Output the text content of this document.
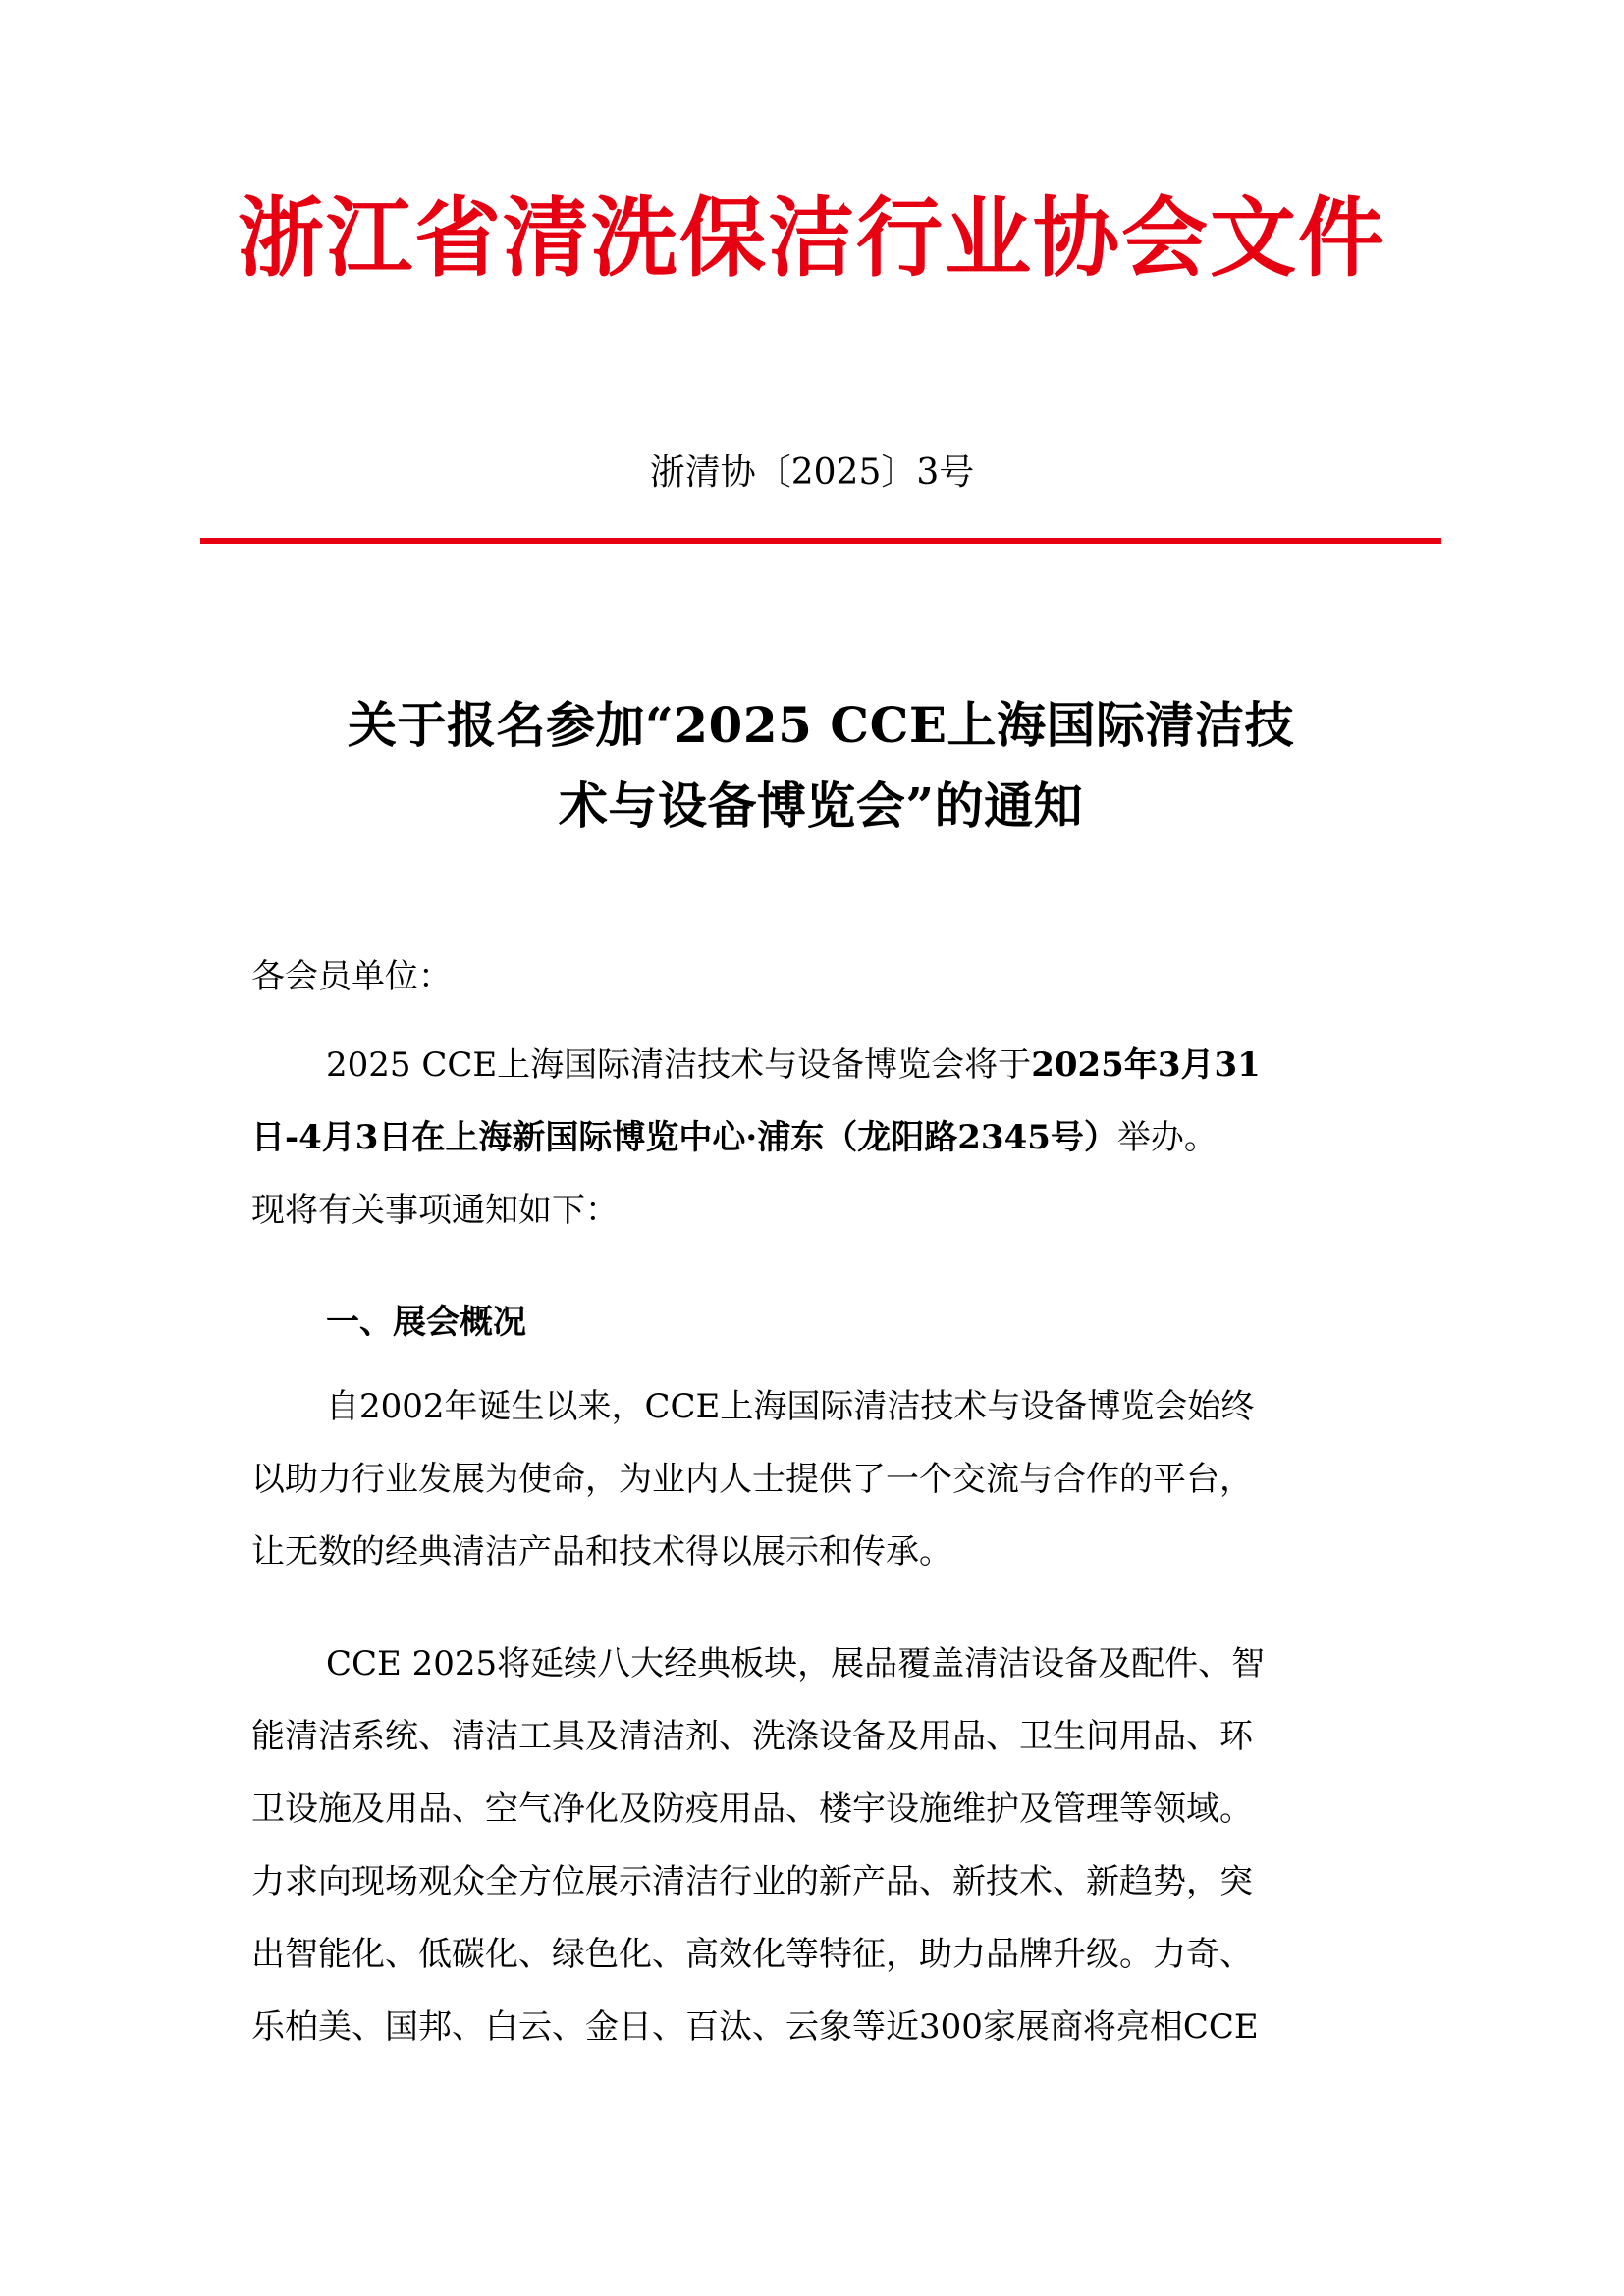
浙江省清洗保洁行业协会文件
浙清协〔2025〕3号
关于报名参加“2025 CCE上海国际清洁技
术与设备博览会”的通知

各会员单位：

2025 CCE上海国际清洁技术与设备博览会将于2025年3月31
日-4月3日在上海新国际博览中心·浦东（龙阳路2345号）举办。
现将有关事项通知如下：
一、展会概况
自2002年诞生以来，CCE上海国际清洁技术与设备博览会始终
以助力行业发展为使命，为业内人士提供了一个交流与合作的平台，
让无数的经典清洁产品和技术得以展示和传承。
CCE 2025将延续八大经典板块，展品覆盖清洁设备及配件、智
能清洁系统、清洁工具及清洁剂、洗涤设备及用品、卫生间用品、环
卫设施及用品、空气净化及防疫用品、楼宇设施维护及管理等领域。
力求向现场观众全方位展示清洁行业的新产品、新技术、新趋势，突
出智能化、低碳化、绿色化、高效化等特征，助力品牌升级。力奇、
乐柏美、国邦、白云、金日、百汰、云象等近300家展商将亮相CCE
